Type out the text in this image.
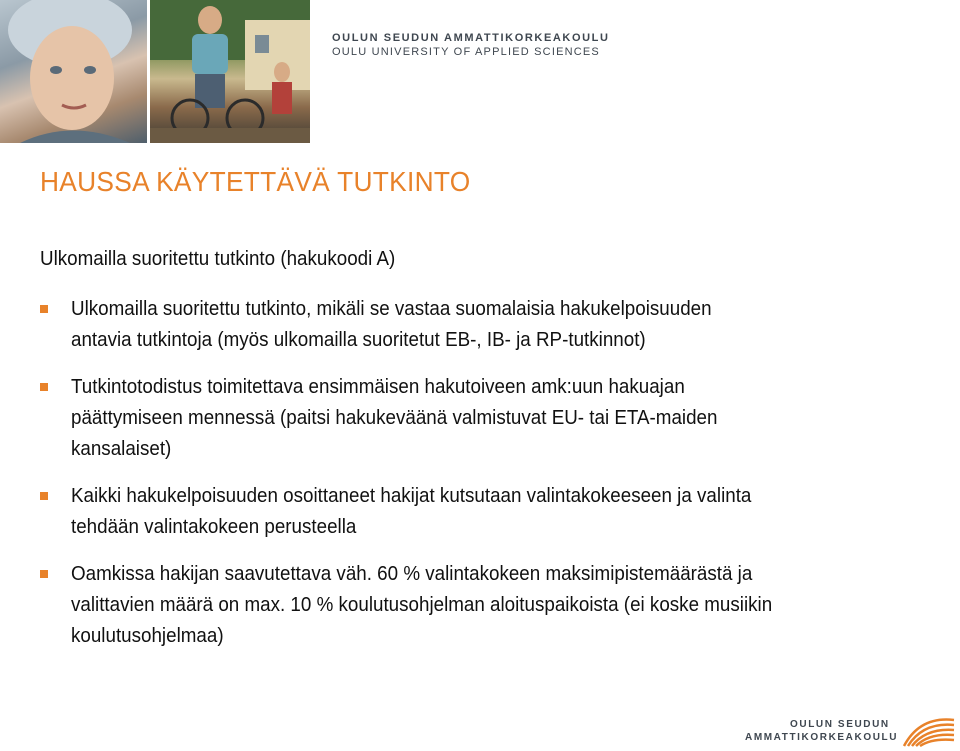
OULUN SEUDUN AMMATTIKORKEAKOULU
OULU UNIVERSITY OF APPLIED SCIENCES
HAUSSA KÄYTETTÄVÄ TUTKINTO
Ulkomailla suoritettu tutkinto (hakukoodi A)
Ulkomailla suoritettu tutkinto, mikäli se vastaa suomalaisia hakukelpoisuuden
antavia tutkintoja (myös ulkomailla suoritetut EB-, IB- ja RP-tutkinnot)
Tutkintotodistus toimitettava ensimmäisen hakutoiveen amk:uun hakuajan
päättymiseen mennessä (paitsi hakukeväänä valmistuvat EU- tai ETA-maiden
kansalaiset)
Kaikki hakukelpoisuuden osoittaneet hakijat kutsutaan valintakokeeseen ja valinta
tehdään valintakokeen perusteella
Oamkissa hakijan saavutettava väh. 60 % valintakokeen maksimipistemäärästä ja
valittavien määrä on max. 10 % koulutusohjelman aloituspaikoista (ei koske musiikin
koulutusohjelmaa)
OULUN SEUDUN
AMMATTIKORKEAKOULU
